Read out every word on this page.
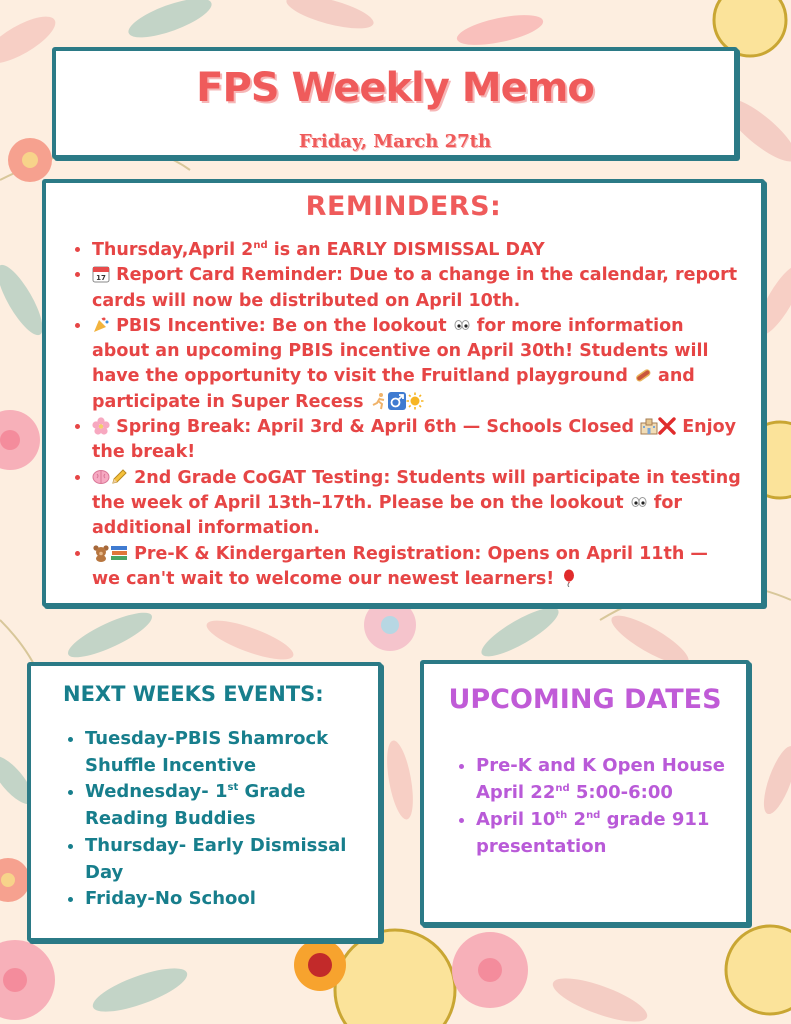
FPS Weekly Memo
Friday, March 27th
REMINDERS:
• Thursday,April 2nd is an EARLY DISMISSAL DAY
• 17 Report Card Reminder: Due to a change in the calendar, report cards will now be distributed on April 10th.
• PBIS Incentive: Be on the lookout  for more information about an upcoming PBIS incentive on April 30th! Students will have the opportunity to visit the Fruitland playground  and participate in Super Recess
• Spring Break: April 3rd & April 6th — Schools Closed  Enjoy the break!
• 2nd Grade CoGAT Testing: Students will participate in testing the week of April 13th–17th. Please be on the lookout  for additional information.
• Pre-K & Kindergarten Registration: Opens on April 11th — we can't wait to welcome our newest learners!
NEXT WEEKS EVENTS:
• Tuesday-PBIS Shamrock Shuffle Incentive
• Wednesday- 1st Grade Reading Buddies
• Thursday- Early Dismissal Day
• Friday-No School
UPCOMING DATES
• Pre-K and K Open House April 22nd 5:00-6:00
• April 10th 2nd grade 911 presentation
